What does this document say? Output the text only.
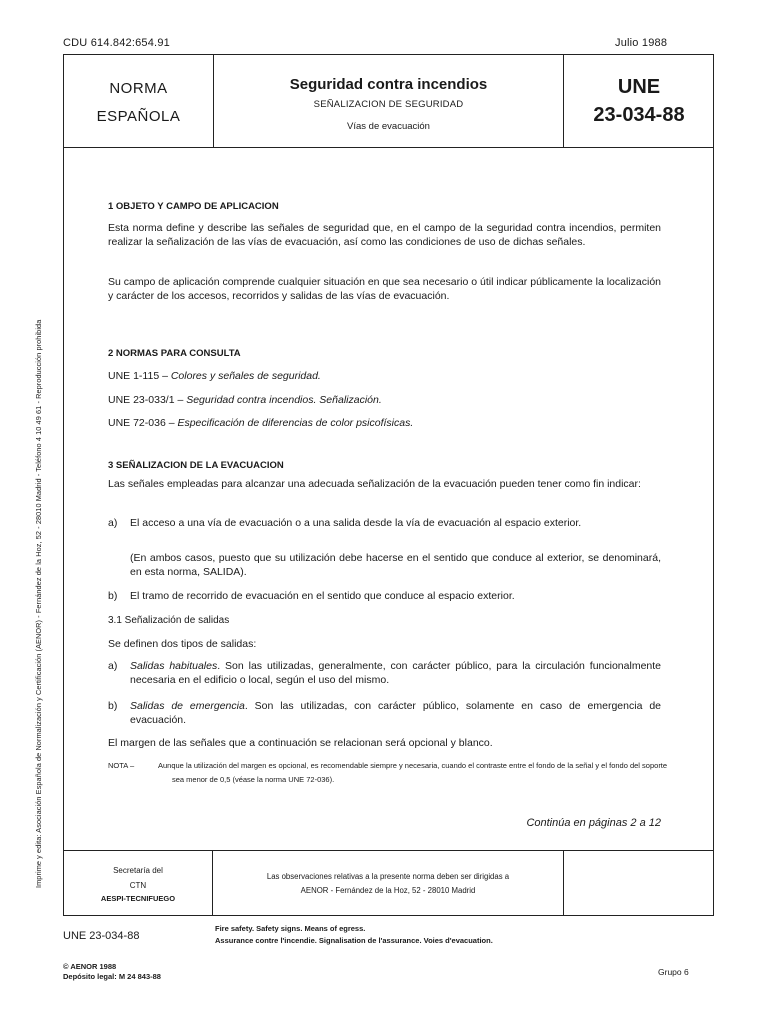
CDU 614.842:654.91	Julio 1988
NORMA
ESPAÑOLA
Seguridad contra incendios
SEÑALIZACION DE SEGURIDAD
Vías de evacuación
UNE
23-034-88
Imprime y edita: Asociación Española de Normalización y Certificación (AENOR) - Fernández de la Hoz, 52 - 28010 Madrid - Teléfono 4 10 49 61 - Reproducción prohibida
1 OBJETO Y CAMPO DE APLICACION
Esta norma define y describe las señales de seguridad que, en el campo de la seguridad contra incendios, permiten realizar la señalización de las vías de evacuación, así como las condiciones de uso de dichas señales.
Su campo de aplicación comprende cualquier situación en que sea necesario o útil indicar públicamente la localización y carácter de los accesos, recorridos y salidas de las vías de evacuación.
2 NORMAS PARA CONSULTA
UNE 1-115 – Colores y señales de seguridad.
UNE 23-033/1 – Seguridad contra incendios. Señalización.
UNE 72-036 – Especificación de diferencias de color psicofísicas.
3 SEÑALIZACION DE LA EVACUACION
Las señales empleadas para alcanzar una adecuada señalización de la evacuación pueden tener como fin indicar:
a) El acceso a una vía de evacuación o a una salida desde la vía de evacuación al espacio exterior.
(En ambos casos, puesto que su utilización debe hacerse en el sentido que conduce al exterior, se denominará, en esta norma, SALIDA).
b) El tramo de recorrido de evacuación en el sentido que conduce al espacio exterior.
3.1 Señalización de salidas
Se definen dos tipos de salidas:
a) Salidas habituales. Son las utilizadas, generalmente, con carácter público, para la circulación funcionalmente necesaria en el edificio o local, según el uso del mismo.
b) Salidas de emergencia. Son las utilizadas, con carácter público, solamente en caso de emergencia de evacuación.
El margen de las señales que a continuación se relacionan será opcional y blanco.
NOTA –	Aunque la utilización del margen es opcional, es recomendable siempre y necesaria, cuando el contraste entre el fondo de la señal y el fondo del soporte sea menor de 0,5 (véase la norma UNE 72-036).
Continúa en páginas 2 a 12
Secretaría del
CTN
AESPI-TECNIFUEGO
Las observaciones relativas a la presente norma deben ser dirigidas a
AENOR - Fernández de la Hoz, 52 - 28010 Madrid
UNE 23-034-88
Fire safety. Safety signs. Means of egress.
Assurance contre l'incendie. Signalisation de l'assurance. Voies d'evacuation.
© AENOR 1988
Depósito legal: M 24 843-88	Grupo 6
